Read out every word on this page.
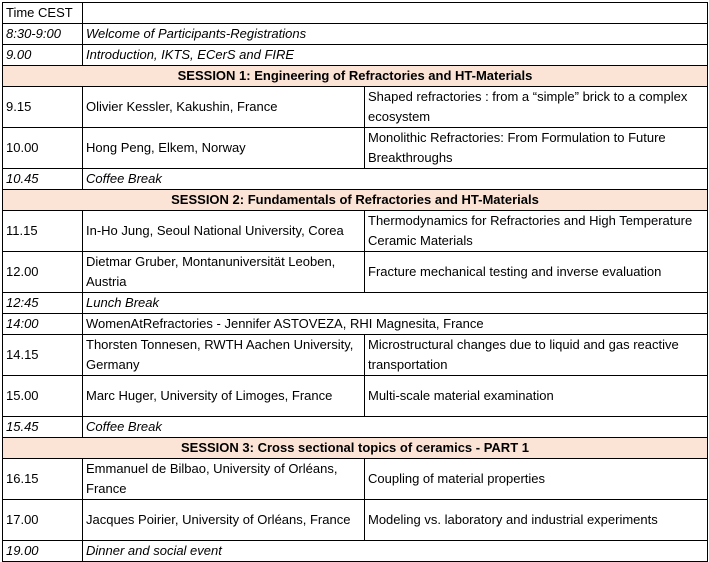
Time CEST		
8:30-9:00	Welcome of Participants-Registrations	
9.00	Introduction, IKTS, ECerS and FIRE	
SESSION 1: Engineering of Refractories and HT-Materials		
9.15	Olivier Kessler, Kakushin, France	Shaped refractories : from a “simple” brick to a complex ecosystem
10.00	Hong Peng, Elkem, Norway	Monolithic Refractories: From Formulation to Future Breakthroughs
10.45	Coffee Break	
SESSION 2: Fundamentals of Refractories and HT-Materials		
11.15	In-Ho Jung, Seoul National University, Corea	Thermodynamics for Refractories and High Temperature Ceramic Materials
12.00	Dietmar Gruber, Montanuniversität Leoben, Austria	Fracture mechanical testing and inverse evaluation
12:45	Lunch Break	
14:00	WomenAtRefractories - Jennifer ASTOVEZA, RHI Magnesita, France	
14.15	Thorsten Tonnesen, RWTH Aachen University, Germany	Microstructural changes due to liquid and gas reactive transportation
15.00	Marc Huger, University of Limoges, France	Multi-scale material examination
15.45	Coffee Break	
SESSION 3: Cross sectional topics of ceramics - PART 1		
16.15	Emmanuel de Bilbao, University of Orléans, France	Coupling of material properties
17.00	Jacques Poirier, University of Orléans, France	Modeling vs. laboratory and industrial experiments
19.00	Dinner and social event	
